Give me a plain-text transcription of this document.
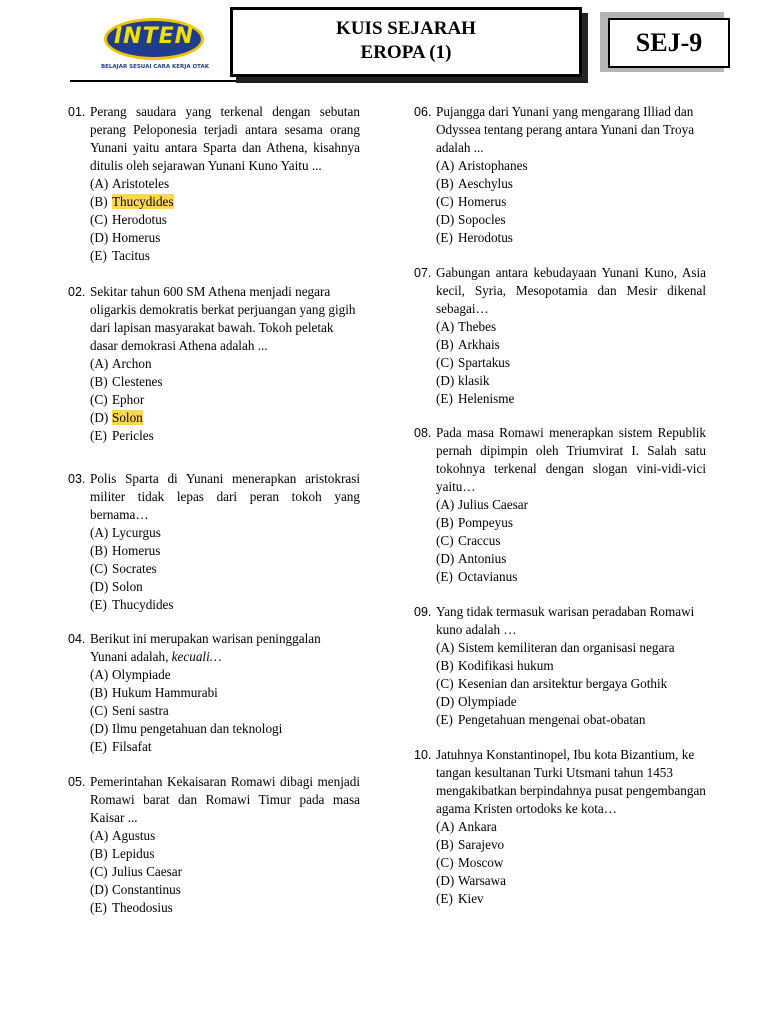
INTEN
BELAJAR SESUAI CARA KERJA OTAK
KUIS SEJARAH
EROPA (1)	SEJ-9
01. Perang saudara yang terkenal dengan sebutan perang Peloponesia terjadi antara sesama orang Yunani yaitu antara Sparta dan Athena, kisahnya ditulis oleh sejarawan Yunani Kuno Yaitu ...
(A) Aristoteles
(B) Thucydides
(C) Herodotus
(D) Homerus
(E) Tacitus
02. Sekitar tahun 600 SM Athena menjadi negara oligarkis demokratis berkat perjuangan yang gigih dari lapisan masyarakat bawah. Tokoh peletak dasar demokrasi Athena adalah ...
(A) Archon
(B) Clestenes
(C) Ephor
(D) Solon
(E) Pericles
03. Polis Sparta di Yunani menerapkan aristokrasi militer tidak lepas dari peran tokoh yang bernama…
(A) Lycurgus
(B) Homerus
(C) Socrates
(D) Solon
(E) Thucydides
04. Berikut ini merupakan warisan peninggalan Yunani adalah, kecuali…
(A) Olympiade
(B) Hukum Hammurabi
(C) Seni sastra
(D) Ilmu pengetahuan dan teknologi
(E) Filsafat
05. Pemerintahan Kekaisaran Romawi dibagi menjadi Romawi barat dan Romawi Timur pada masa Kaisar ...
(A) Agustus
(B) Lepidus
(C) Julius Caesar
(D) Constantinus
(E) Theodosius
06. Pujangga dari Yunani yang mengarang Illiad dan Odyssea tentang perang antara Yunani dan Troya adalah ...
(A) Aristophanes
(B) Aeschylus
(C) Homerus
(D) Sopocles
(E) Herodotus
07. Gabungan antara kebudayaan Yunani Kuno, Asia kecil, Syria, Mesopotamia dan Mesir dikenal sebagai…
(A) Thebes
(B) Arkhais
(C) Spartakus
(D) klasik
(E) Helenisme
08. Pada masa Romawi menerapkan sistem Republik pernah dipimpin oleh Triumvirat I. Salah satu tokohnya terkenal dengan slogan vini-vidi-vici yaitu…
(A) Julius Caesar
(B) Pompeyus
(C) Craccus
(D) Antonius
(E) Octavianus
09. Yang tidak termasuk warisan peradaban Romawi kuno adalah …
(A) Sistem kemiliteran dan organisasi negara
(B) Kodifikasi hukum
(C) Kesenian dan arsitektur bergaya Gothik
(D) Olympiade
(E) Pengetahuan mengenai obat-obatan
10. Jatuhnya Konstantinopel, Ibu kota Bizantium, ke tangan kesultanan Turki Utsmani tahun 1453 mengakibatkan berpindahnya pusat pengembangan agama Kristen ortodoks ke kota…
(A) Ankara
(B) Sarajevo
(C) Moscow
(D) Warsawa
(E) Kiev
